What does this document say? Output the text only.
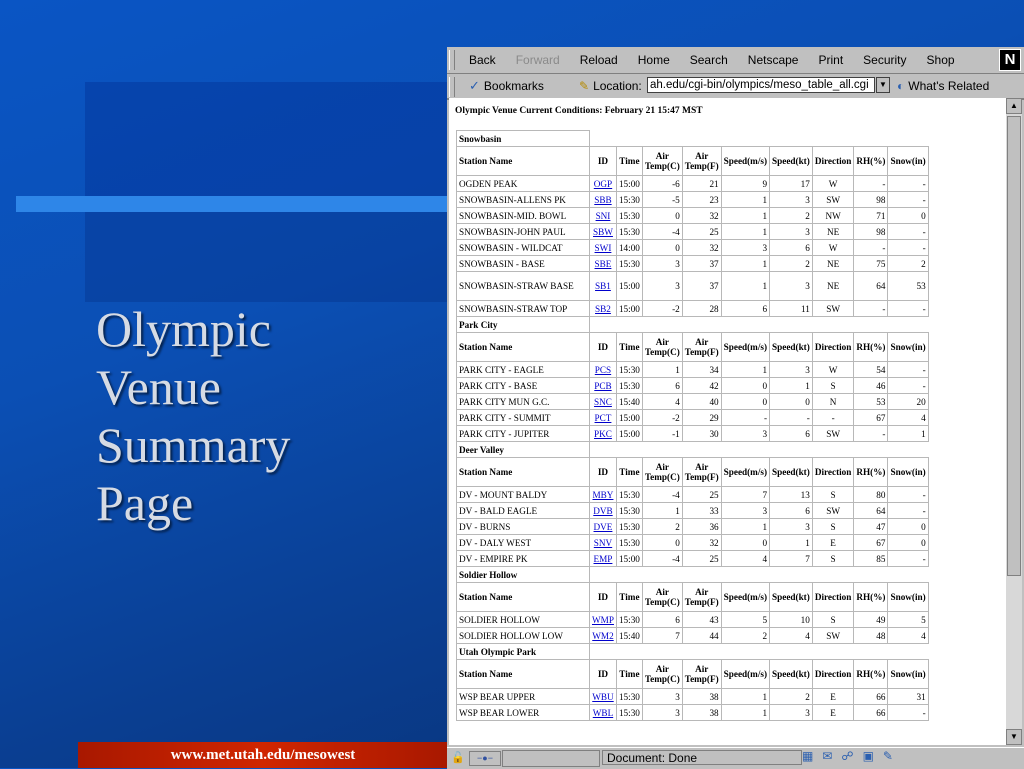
Olympic
Venue
Summary
Page
www.met.utah.edu/mesowest
Back	Forward	Reload	Home	Search	Netscape	Print	Security	Shop	N
✓ Bookmarks	✎ Location: ah.edu/cgi-bin/olympics/meso_table_all.cgi	▼ ◐ What's Related
Olympic Venue Current Conditions: February 21 15:47 MST
Snowbasin									
Station Name	ID	Time	Air
Temp(C)	Air
Temp(F)	Speed(m/s)	Speed(kt)	Direction	RH(%)	Snow(in)
OGDEN PEAK	OGP	15:00	-6	21	9	17	W	-	-
SNOWBASIN-ALLENS PK	SBB	15:30	-5	23	1	3	SW	98	-
SNOWBASIN-MID. BOWL	SNI	15:30	0	32	1	2	NW	71	0
SNOWBASIN-JOHN PAUL	SBW	15:30	-4	25	1	3	NE	98	-
SNOWBASIN - WILDCAT	SWI	14:00	0	32	3	6	W	-	-
SNOWBASIN - BASE	SBE	15:30	3	37	1	2	NE	75	2
SNOWBASIN-STRAW BASE	SB1	15:00	3	37	1	3	NE	64	53
SNOWBASIN-STRAW TOP	SB2	15:00	-2	28	6	11	SW	-	-
Park City									
Station Name	ID	Time	Air
Temp(C)	Air
Temp(F)	Speed(m/s)	Speed(kt)	Direction	RH(%)	Snow(in)
PARK CITY - EAGLE	PCS	15:30	1	34	1	3	W	54	-
PARK CITY - BASE	PCB	15:30	6	42	0	1	S	46	-
PARK CITY MUN G.C.	SNC	15:40	4	40	0	0	N	53	20
PARK CITY - SUMMIT	PCT	15:00	-2	29	-	-	-	67	4
PARK CITY - JUPITER	PKC	15:00	-1	30	3	6	SW	-	1
Deer Valley									
Station Name	ID	Time	Air
Temp(C)	Air
Temp(F)	Speed(m/s)	Speed(kt)	Direction	RH(%)	Snow(in)
DV - MOUNT BALDY	MBY	15:30	-4	25	7	13	S	80	-
DV - BALD EAGLE	DVB	15:30	1	33	3	6	SW	64	-
DV - BURNS	DVE	15:30	2	36	1	3	S	47	0
DV - DALY WEST	SNV	15:30	0	32	0	1	E	67	0
DV - EMPIRE PK	EMP	15:00	-4	25	4	7	S	85	-
Soldier Hollow									
Station Name	ID	Time	Air
Temp(C)	Air
Temp(F)	Speed(m/s)	Speed(kt)	Direction	RH(%)	Snow(in)
SOLDIER HOLLOW	WMP	15:30	6	43	5	10	S	49	5
SOLDIER HOLLOW LOW	WM2	15:40	7	44	2	4	SW	48	4
Utah Olympic Park									
Station Name	ID	Time	Air
Temp(C)	Air
Temp(F)	Speed(m/s)	Speed(kt)	Direction	RH(%)	Snow(in)
WSP BEAR UPPER	WBU	15:30	3	38	1	2	E	66	31
WSP BEAR LOWER	WBL	15:30	3	38	1	3	E	66	-
▲
▼
🔓	−●−	Document: Done	▦ ✉ ☍ ▣ ✎
